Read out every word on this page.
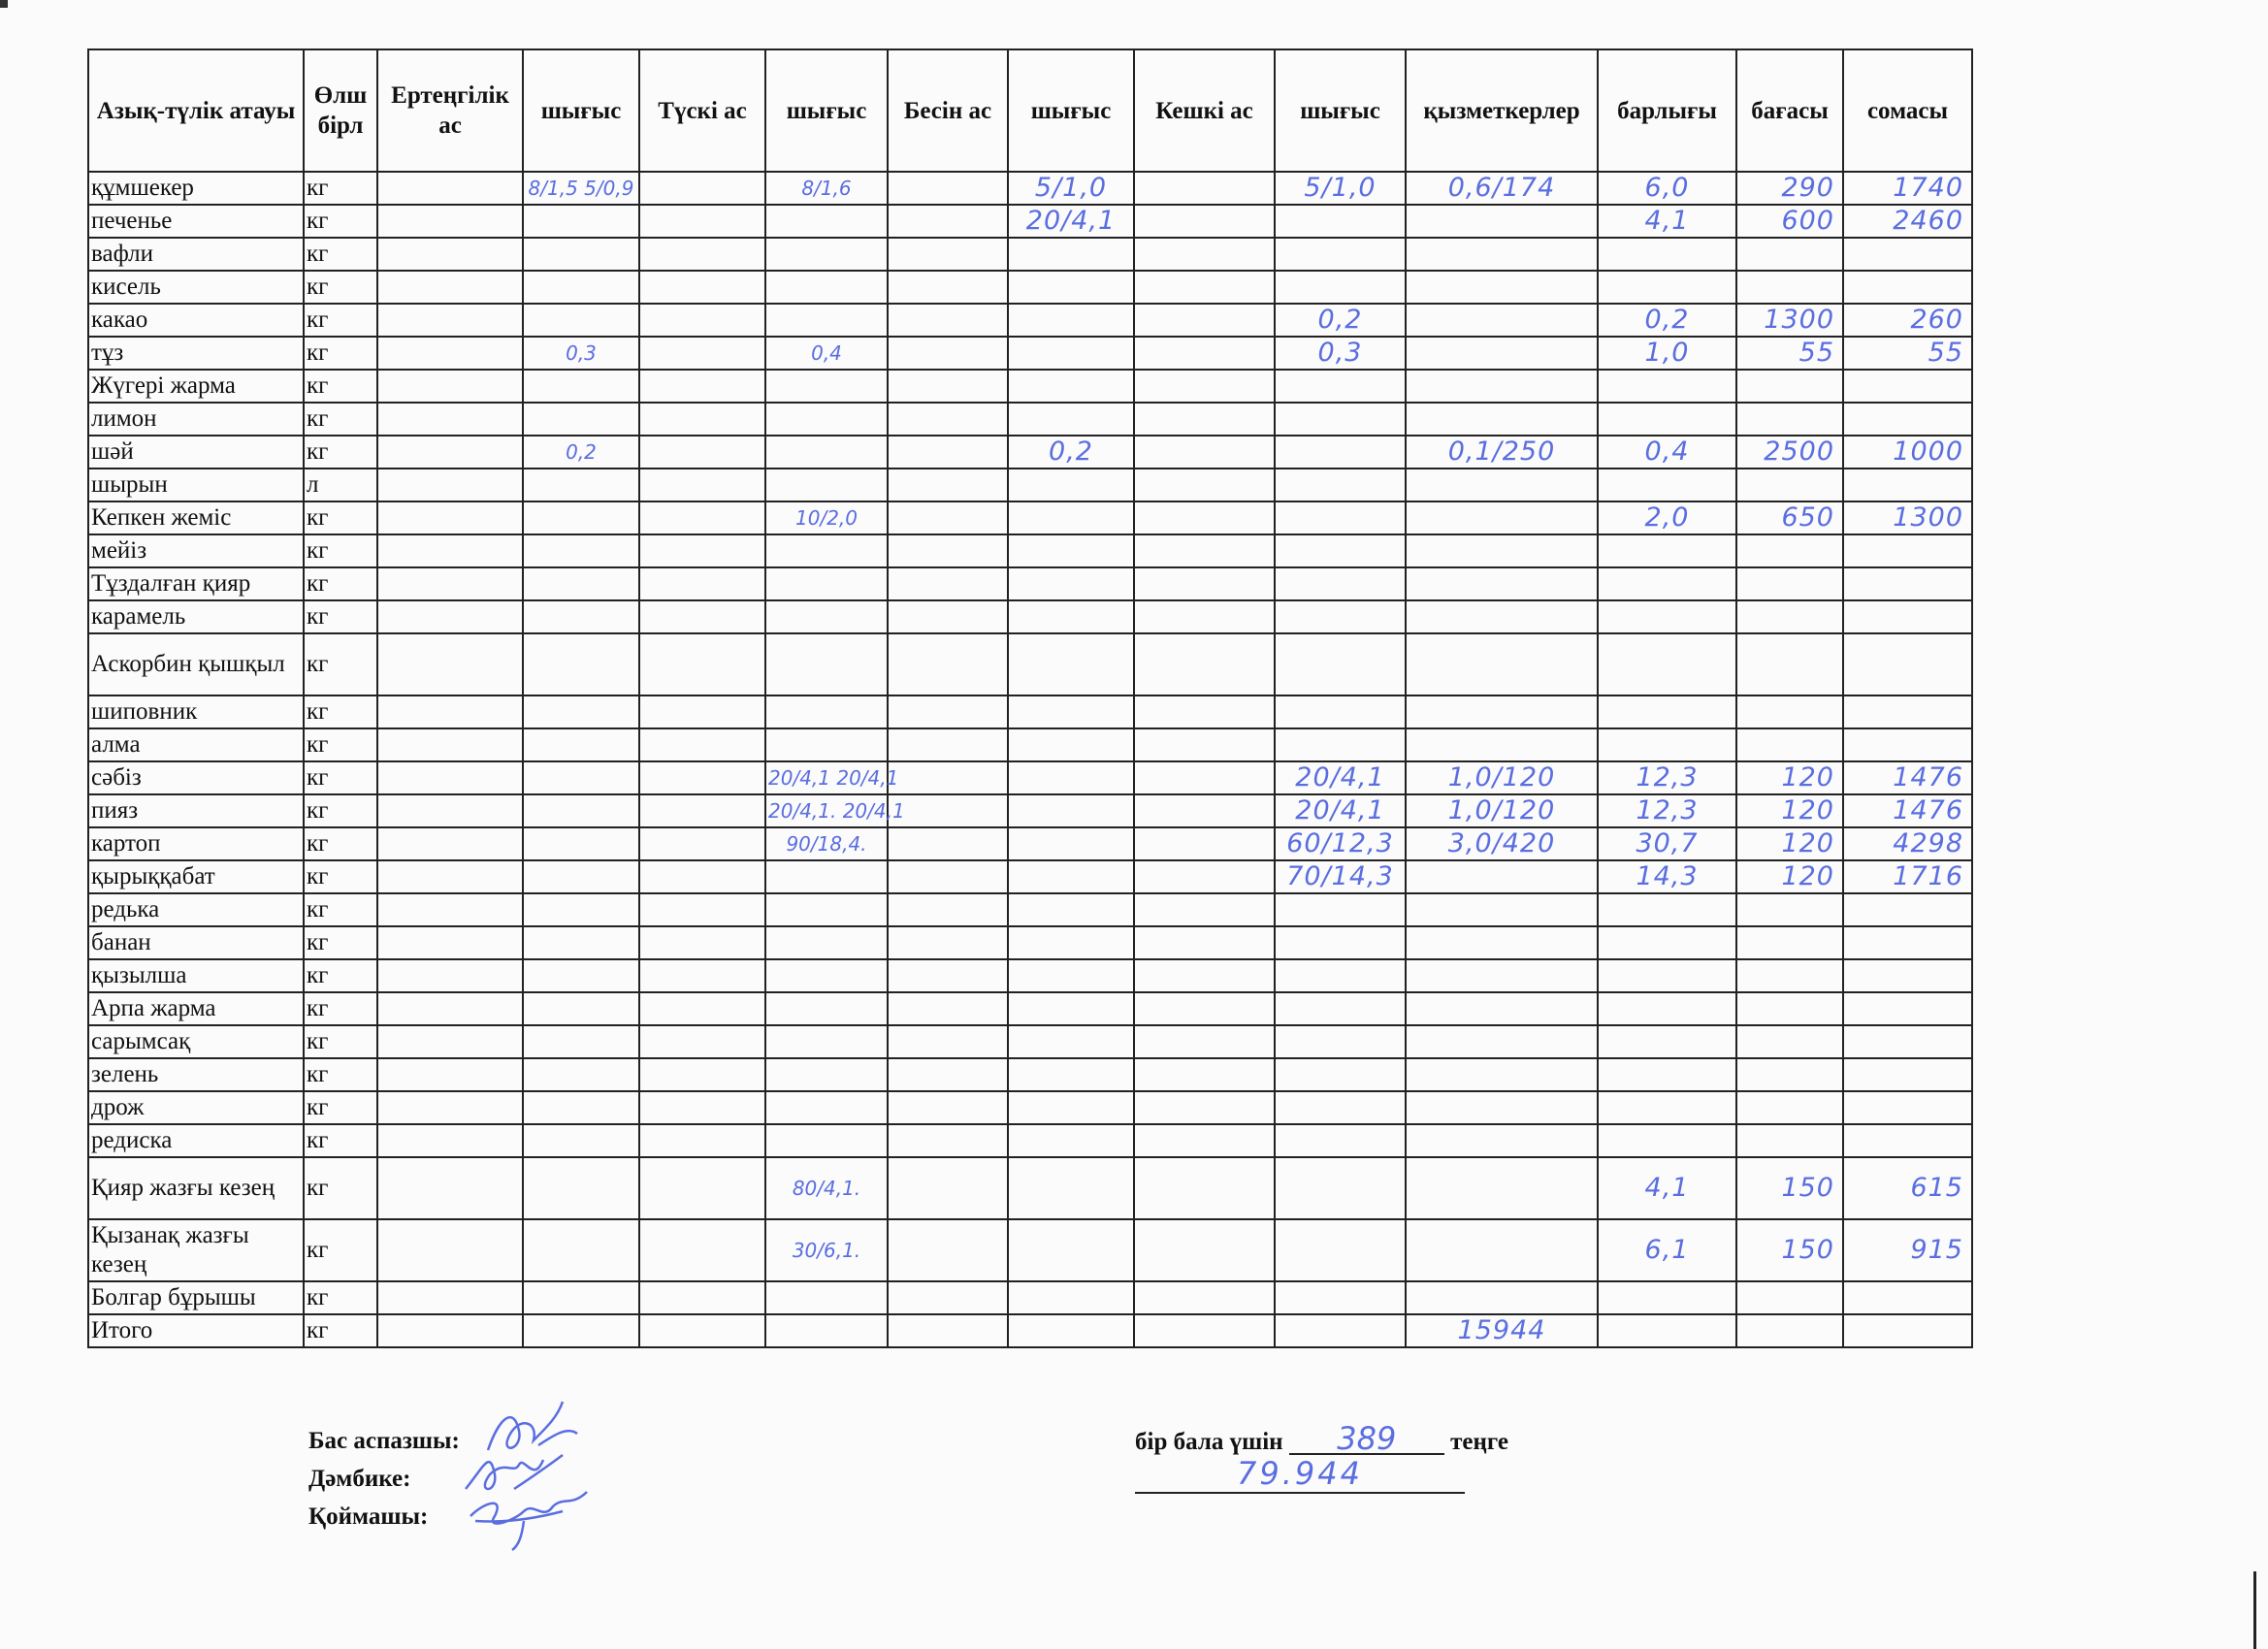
Азық-түлік атауы	Өлш бірл	Ертеңгілік ас	шығыс	Түскі ас	шығыс	Бесін ас	шығыс	Кешкі ас	шығыс	қызметкерлер	барлығы	бағасы	сомасы
құмшекер	кг		8/1,5 5/0,9		8/1,6		5/1,0		5/1,0	0,6/174	6,0	290	1740
печенье	кг						20/4,1				4,1	600	2460
вафли	кг												
кисель	кг												
какао	кг								0,2		0,2	1300	260
тұз	кг		0,3		0,4				0,3		1,0	55	55
Жүгері жарма	кг												
лимон	кг												
шәй	кг		0,2				0,2			0,1/250	0,4	2500	1000
шырын	л												
Кепкен жеміс	кг				10/2,0						2,0	650	1300
мейіз	кг												
Тұздалған қияр	кг												
карамель	кг												
Аскорбин қышқыл	кг												
шиповник	кг												
алма	кг												
сәбіз	кг				20/4,1 20/4,1				20/4,1	1,0/120	12,3	120	1476
пияз	кг				20/4,1. 20/4,1				20/4,1	1,0/120	12,3	120	1476
картоп	кг				90/18,4.				60/12,3	3,0/420	30,7	120	4298
қырыққабат	кг								70/14,3		14,3	120	1716
редька	кг												
банан	кг												
қызылша	кг												
Арпа жарма	кг												
сарымсақ	кг												
зелень	кг												
дрож	кг												
редиска	кг												
Қияр жазғы кезең	кг				80/4,1.						4,1	150	615
Қызанақ жазғы кезең	кг				30/6,1.						6,1	150	915
Болгар бұрышы	кг												
Итого	кг									15944			
Бас аспазшы:
Дәмбике:
Қоймашы:
бір бала үшін 389 теңге
79.944
